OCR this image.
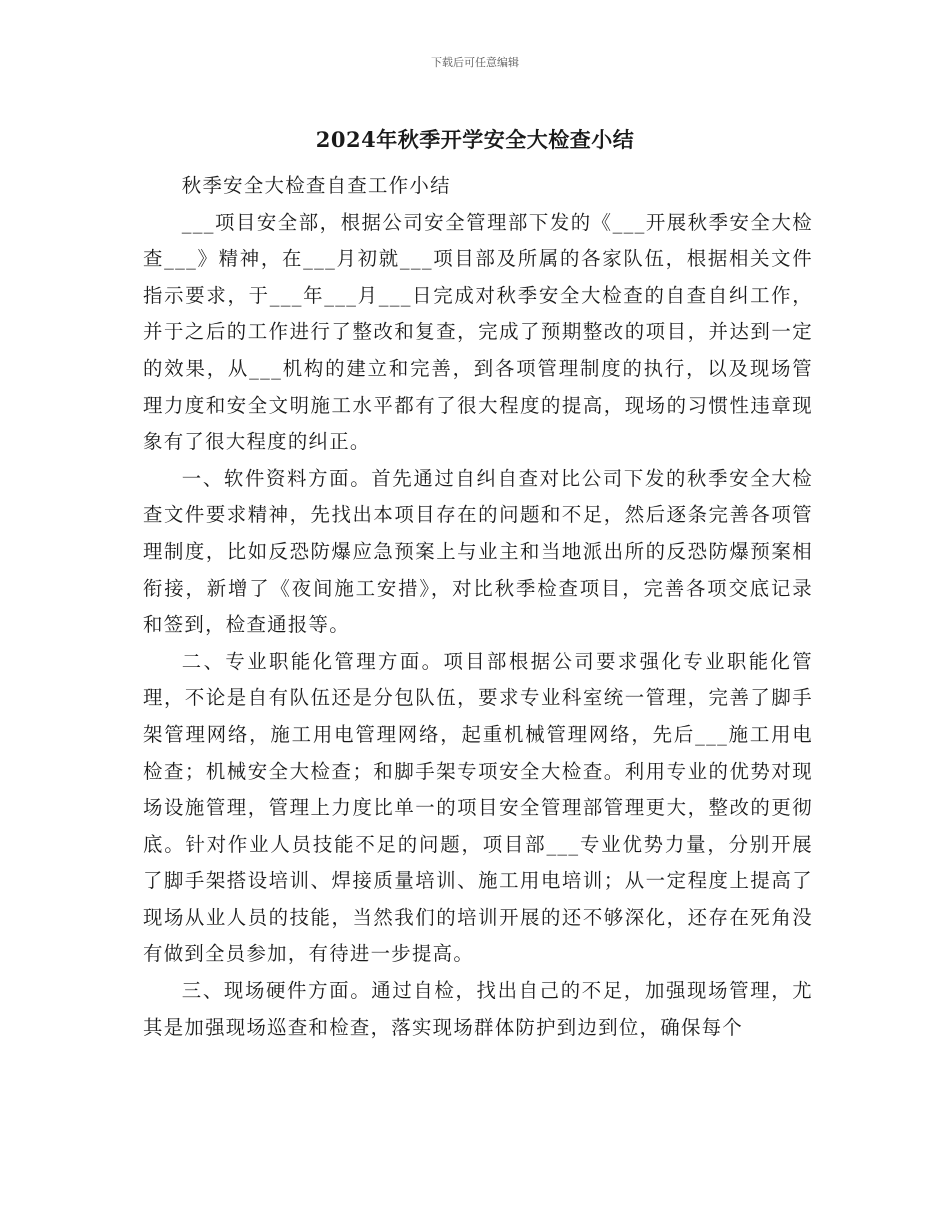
下载后可任意编辑
2024年秋季开学安全大检查小结

秋季安全大检查自查工作小结

___项目安全部，根据公司安全管理部下发的《___开展秋季安全大检查___》精神，在___月初就___项目部及所属的各家队伍，根据相关文件指示要求，于___年___月___日完成对秋季安全大检查的自查自纠工作，并于之后的工作进行了整改和复查，完成了预期整改的项目，并达到一定的效果，从___机构的建立和完善，到各项管理制度的执行，以及现场管理力度和安全文明施工水平都有了很大程度的提高，现场的习惯性违章现象有了很大程度的纠正。

一、软件资料方面。首先通过自纠自查对比公司下发的秋季安全大检查文件要求精神，先找出本项目存在的问题和不足，然后逐条完善各项管理制度，比如反恐防爆应急预案上与业主和当地派出所的反恐防爆预案相衔接，新增了《夜间施工安措》，对比秋季检查项目，完善各项交底记录和签到，检查通报等。

二、专业职能化管理方面。项目部根据公司要求强化专业职能化管理，不论是自有队伍还是分包队伍，要求专业科室统一管理，完善了脚手架管理网络，施工用电管理网络，起重机械管理网络，先后___施工用电检查；机械安全大检查；和脚手架专项安全大检查。利用专业的优势对现场设施管理，管理上力度比单一的项目安全管理部管理更大，整改的更彻底。针对作业人员技能不足的问题，项目部___专业优势力量，分别开展了脚手架搭设培训、焊接质量培训、施工用电培训；从一定程度上提高了现场从业人员的技能，当然我们的培训开展的还不够深化，还存在死角没有做到全员参加，有待进一步提高。

三、现场硬件方面。通过自检，找出自己的不足，加强现场管理，尤其是加强现场巡查和检查，落实现场群体防护到边到位，确保每个
